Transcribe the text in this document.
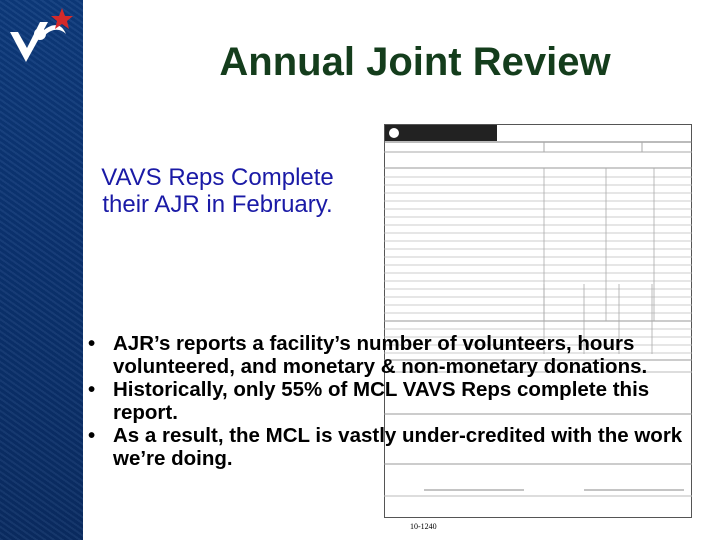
Annual Joint Review
VAVS Reps Complete their AJR in February.
10-1240
• AJR’s reports a facility’s number of volunteers, hours volunteered, and monetary & non-monetary donations.
• Historically, only 55% of MCL VAVS Reps complete this report.
• As a result, the MCL is vastly under-credited with the work we’re doing.
